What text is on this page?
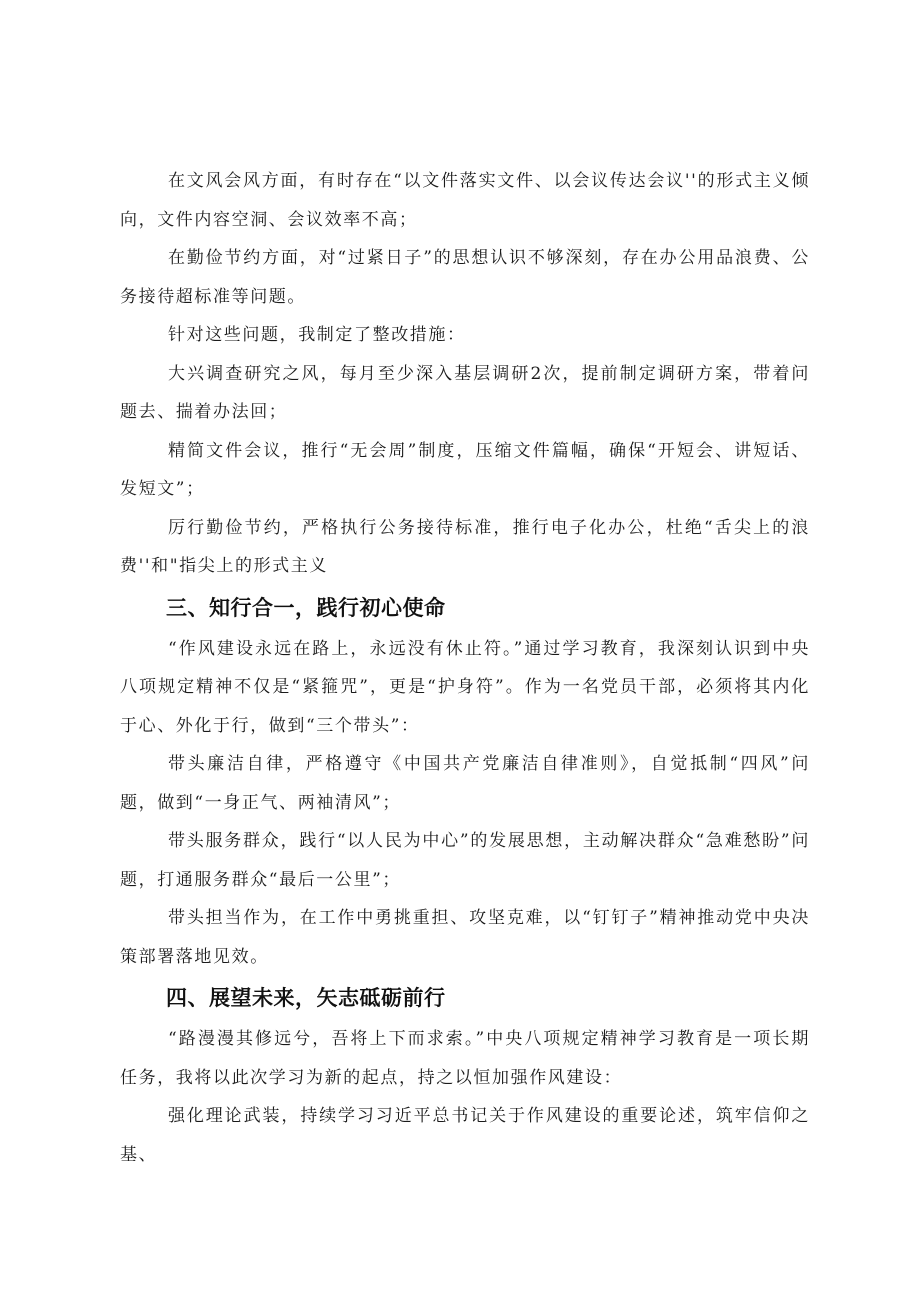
在文风会风方面，有时存在“以文件落实文件、以会议传达会议''的形式主义倾向，文件内容空洞、会议效率不高；

在勤俭节约方面，对“过紧日子”的思想认识不够深刻，存在办公用品浪费、公务接待超标准等问题。

针对这些问题，我制定了整改措施：

大兴调查研究之风，每月至少深入基层调研2次，提前制定调研方案，带着问题去、揣着办法回；

精简文件会议，推行“无会周”制度，压缩文件篇幅，确保“开短会、讲短话、发短文”；

厉行勤俭节约，严格执行公务接待标准，推行电子化办公，杜绝“舌尖上的浪费''和"指尖上的形式主义

三、知行合一，践行初心使命

“作风建设永远在路上，永远没有休止符。”通过学习教育，我深刻认识到中央八项规定精神不仅是“紧箍咒”，更是“护身符”。作为一名党员干部，必须将其内化于心、外化于行，做到“三个带头”：

带头廉洁自律，严格遵守《中国共产党廉洁自律准则》，自觉抵制“四风”问题，做到“一身正气、两袖清风”；

带头服务群众，践行“以人民为中心”的发展思想，主动解决群众“急难愁盼”问题，打通服务群众“最后一公里”；

带头担当作为，在工作中勇挑重担、攻坚克难，以“钉钉子”精神推动党中央决策部署落地见效。

四、展望未来，矢志砥砺前行

“路漫漫其修远兮，吾将上下而求索。”中央八项规定精神学习教育是一项长期任务，我将以此次学习为新的起点，持之以恒加强作风建设：

强化理论武装，持续学习习近平总书记关于作风建设的重要论述，筑牢信仰之基、
